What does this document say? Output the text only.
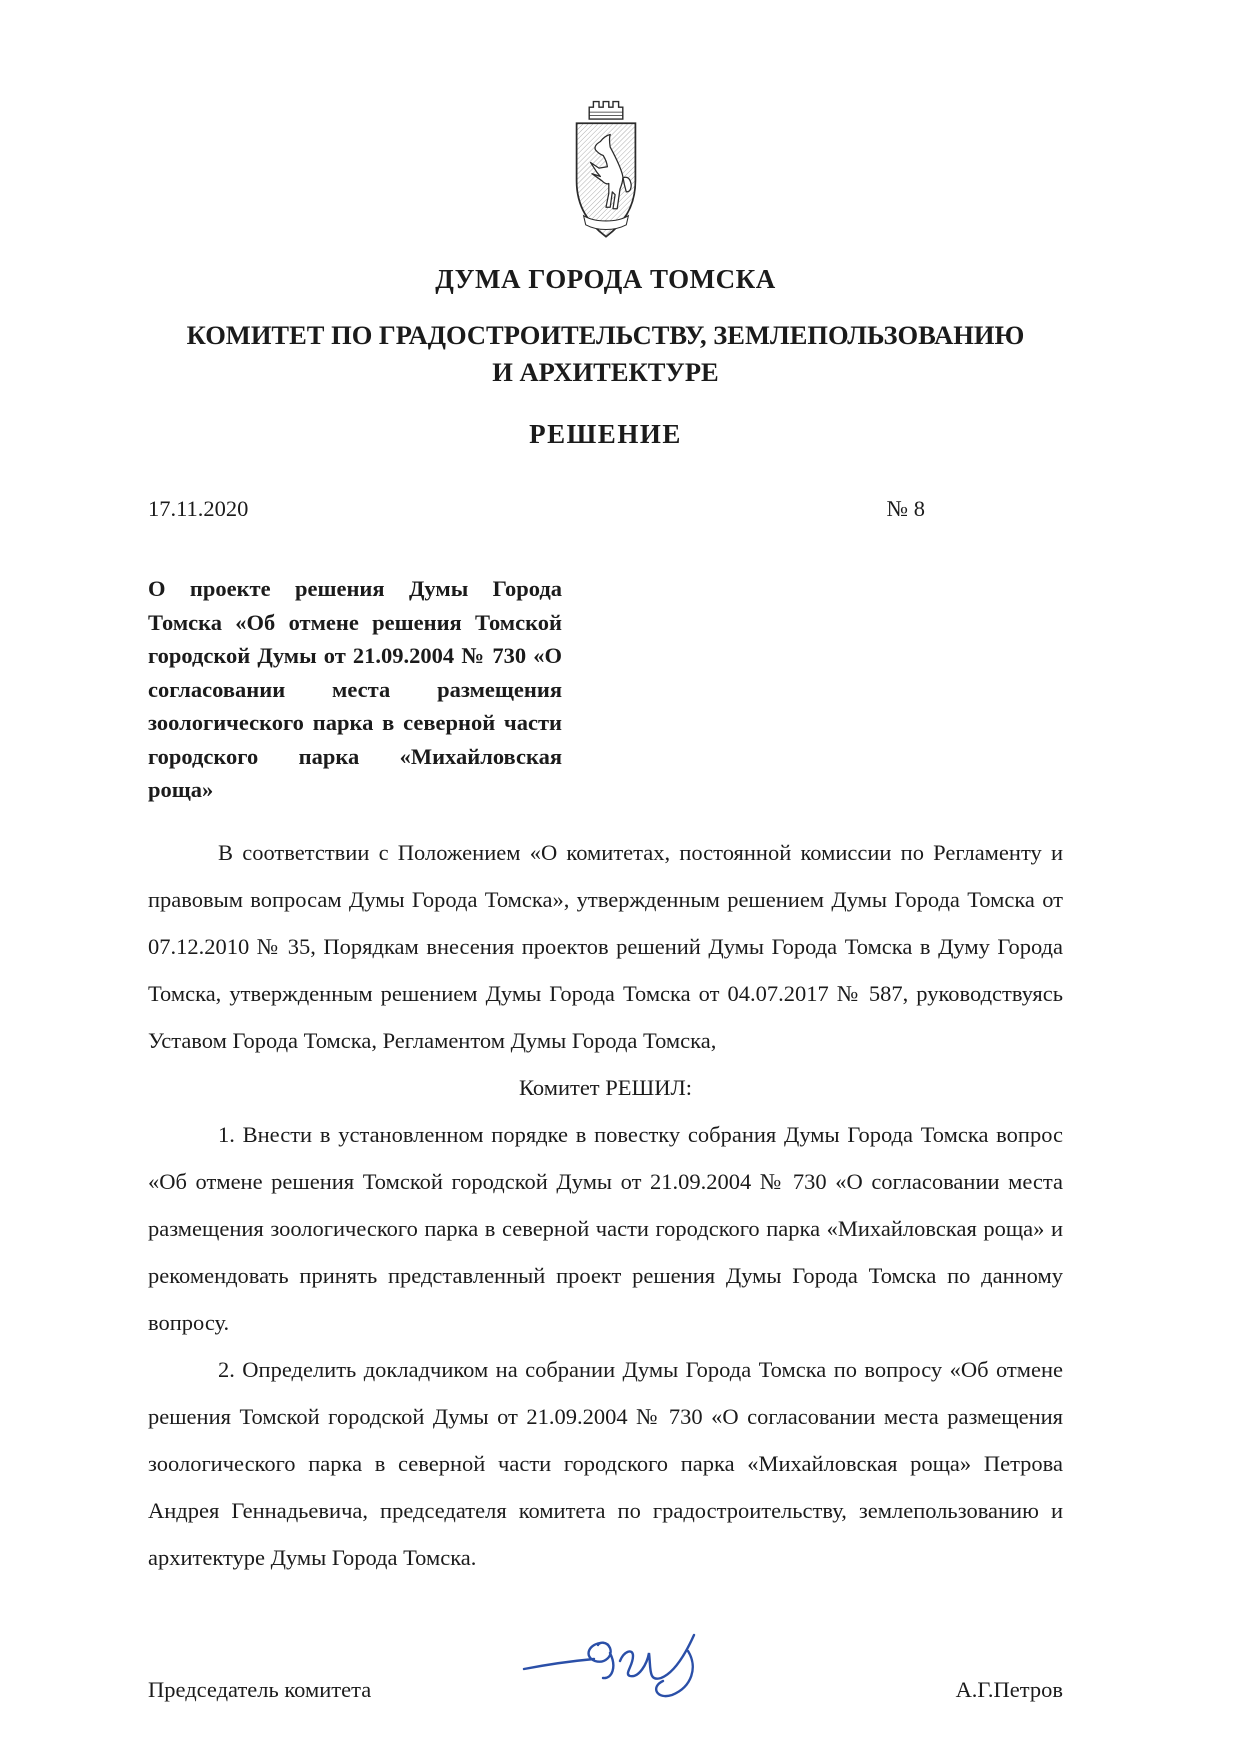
ДУМА ГОРОДА ТОМСКА
КОМИТЕТ ПО ГРАДОСТРОИТЕЛЬСТВУ, ЗЕМЛЕПОЛЬЗОВАНИЮ
И АРХИТЕКТУРЕ
РЕШЕНИЕ
17.11.2020	№ 8
О проекте решения Думы Города Томска «Об отмене решения Томской городской Думы от 21.09.2004 № 730 «О согласовании места размещения зоологического парка в северной части городского парка «Михайловская роща»

В соответствии с Положением «О комитетах, постоянной комиссии по Регламенту и правовым вопросам Думы Города Томска», утвержденным решением Думы Города Томска от 07.12.2010 № 35, Порядкам внесения проектов решений Думы Города Томска в Думу Города Томска, утвержденным решением Думы Города Томска от 04.07.2017 № 587, руководствуясь Уставом Города Томска, Регламентом Думы Города Томска,

Комитет РЕШИЛ:

1. Внести в установленном порядке в повестку собрания Думы Города Томска вопрос «Об отмене решения Томской городской Думы от 21.09.2004 № 730 «О согласовании места размещения зоологического парка в северной части городского парка «Михайловская роща» и рекомендовать принять представленный проект решения Думы Города Томска по данному вопросу.

2. Определить докладчиком на собрании Думы Города Томска по вопросу «Об отмене решения Томской городской Думы от 21.09.2004 № 730 «О согласовании места размещения зоологического парка в северной части городского парка «Михайловская роща» Петрова Андрея Геннадьевича, председателя комитета по градостроительству, землепользованию и архитектуре Думы Города Томска.

Председатель комитета	А.Г.Петров
